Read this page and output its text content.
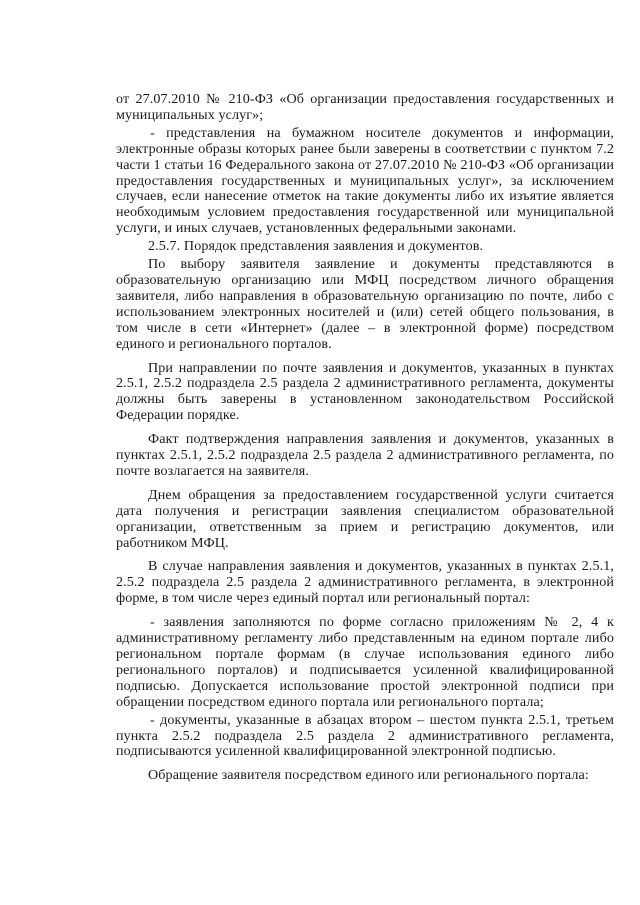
от 27.07.2010 № 210-ФЗ «Об организации предоставления государственных и муниципальных услуг»;

- представления на бумажном носителе документов и информации, электронные образы которых ранее были заверены в соответствии с пунктом 7.2 части 1 статьи 16 Федерального закона от 27.07.2010 № 210-ФЗ «Об организации предоставления государственных и муниципальных услуг», за исключением случаев, если нанесение отметок на такие документы либо их изъятие является необходимым условием предоставления государственной или муниципальной услуги, и иных случаев, установленных федеральными законами.

2.5.7. Порядок представления заявления и документов.

По выбору заявителя заявление и документы представляются в образовательную организацию или МФЦ посредством личного обращения заявителя, либо направления в образовательную организацию по почте, либо с использованием электронных носителей и (или) сетей общего пользования, в том числе в сети «Интернет» (далее – в электронной форме) посредством единого и регионального порталов.

При направлении по почте заявления и документов, указанных в пунктах 2.5.1, 2.5.2 подраздела 2.5 раздела 2 административного регламента, документы должны быть заверены в установленном законодательством Российской Федерации порядке.

Факт подтверждения направления заявления и документов, указанных в пунктах 2.5.1, 2.5.2 подраздела 2.5 раздела 2 административного регламента, по почте возлагается на заявителя.

Днем обращения за предоставлением государственной услуги считается дата получения и регистрации заявления специалистом образовательной организации, ответственным за прием и регистрацию документов, или работником МФЦ.

В случае направления заявления и документов, указанных в пунктах 2.5.1, 2.5.2 подраздела 2.5 раздела 2 административного регламента, в электронной форме, в том числе через единый портал или региональный портал:

- заявления заполняются по форме согласно приложениям № 2, 4 к административному регламенту либо представленным на едином портале либо региональном портале формам (в случае использования единого либо регионального порталов) и подписывается усиленной квалифицированной подписью. Допускается использование простой электронной подписи при обращении посредством единого портала или регионального портала;

- документы, указанные в абзацах втором – шестом пункта 2.5.1, третьем пункта 2.5.2 подраздела 2.5 раздела 2 административного регламента, подписываются усиленной квалифицированной электронной подписью.

Обращение заявителя посредством единого или регионального портала:
